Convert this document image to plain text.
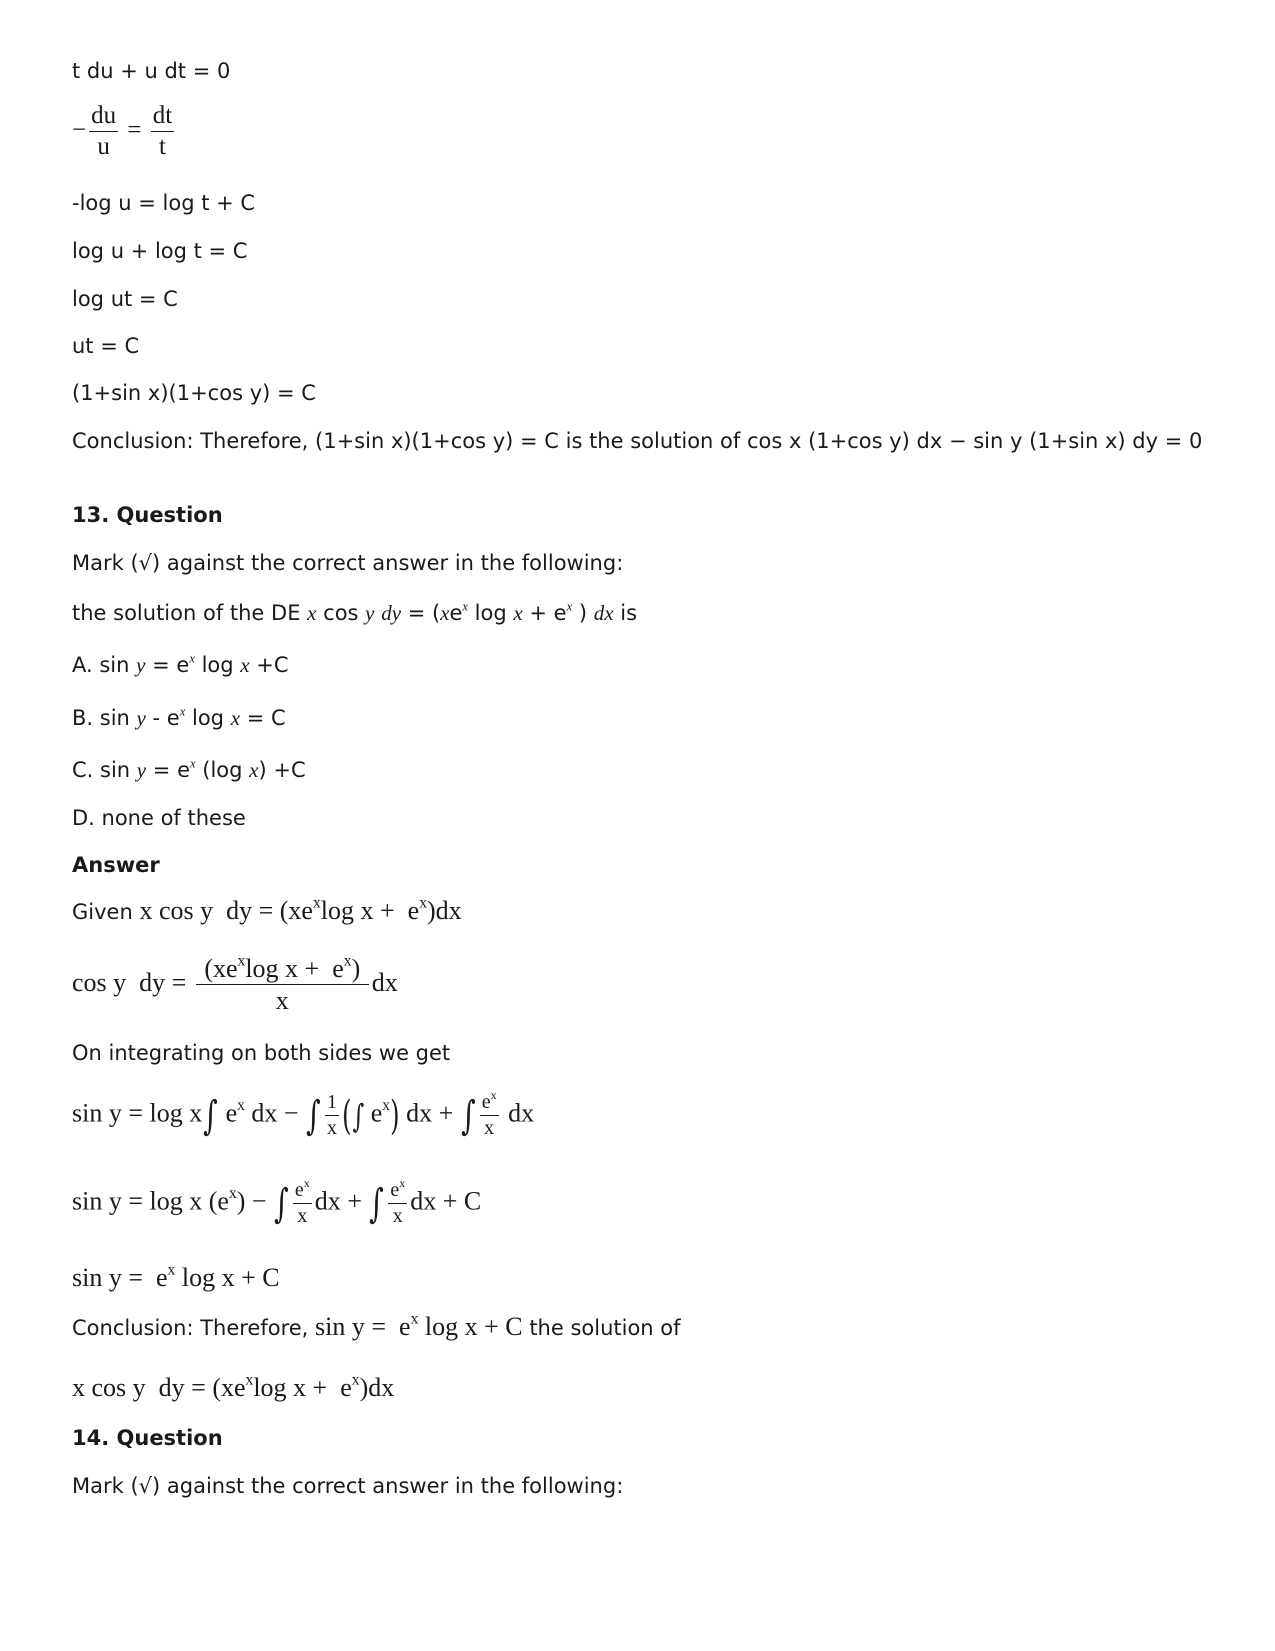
t du + u dt = 0
− $\frac{du}{u} = \frac{dt}{t}$
-log u = log t + C
log u + log t = C
log ut = C
ut = C
(1+sin x)(1+cos y) = C
Conclusion: Therefore, (1+sin x)(1+cos y) = C is the solution of cos x (1+cos y) dx − sin y (1+sin x) dy = 0
13. Question
Mark (√) against the correct answer in the following:
the solution of the DE x cos y dy = ($xe^x$ $\log x + e^x$ ) dx is
A. $\sin y = e^x$ log x +C
B. sin y - $e^x$ log x = C
C. $\sin y = e^x$ (log x) +C
D. none of these
Answer
Given x cos y  dy = ($xe^x\log$ $x + e^x)dx$
cos y  dy = ($xe^x\log$ $x + e^x$)
x
dx
On integrating on both sides we get
sin y = log x∫ $e^x$ dx − ∫ $\frac{1}{x}$ (∫ $e^x$) dx + ∫ $\frac{e^x}{x}$ dx
sin y = log x $(e^x)$ − ∫ $\frac{e^x}{x}$ dx + ∫ $\frac{e^x}{x}$ dx + C
$\sin y = e^x$ log x + C
Conclusion: Therefore, $\sin y = e^x$ log x + C the solution of
x cos y  dy = ($xe^x\log$ $x + e^x)dx$
14. Question
Mark (√) against the correct answer in the following:
